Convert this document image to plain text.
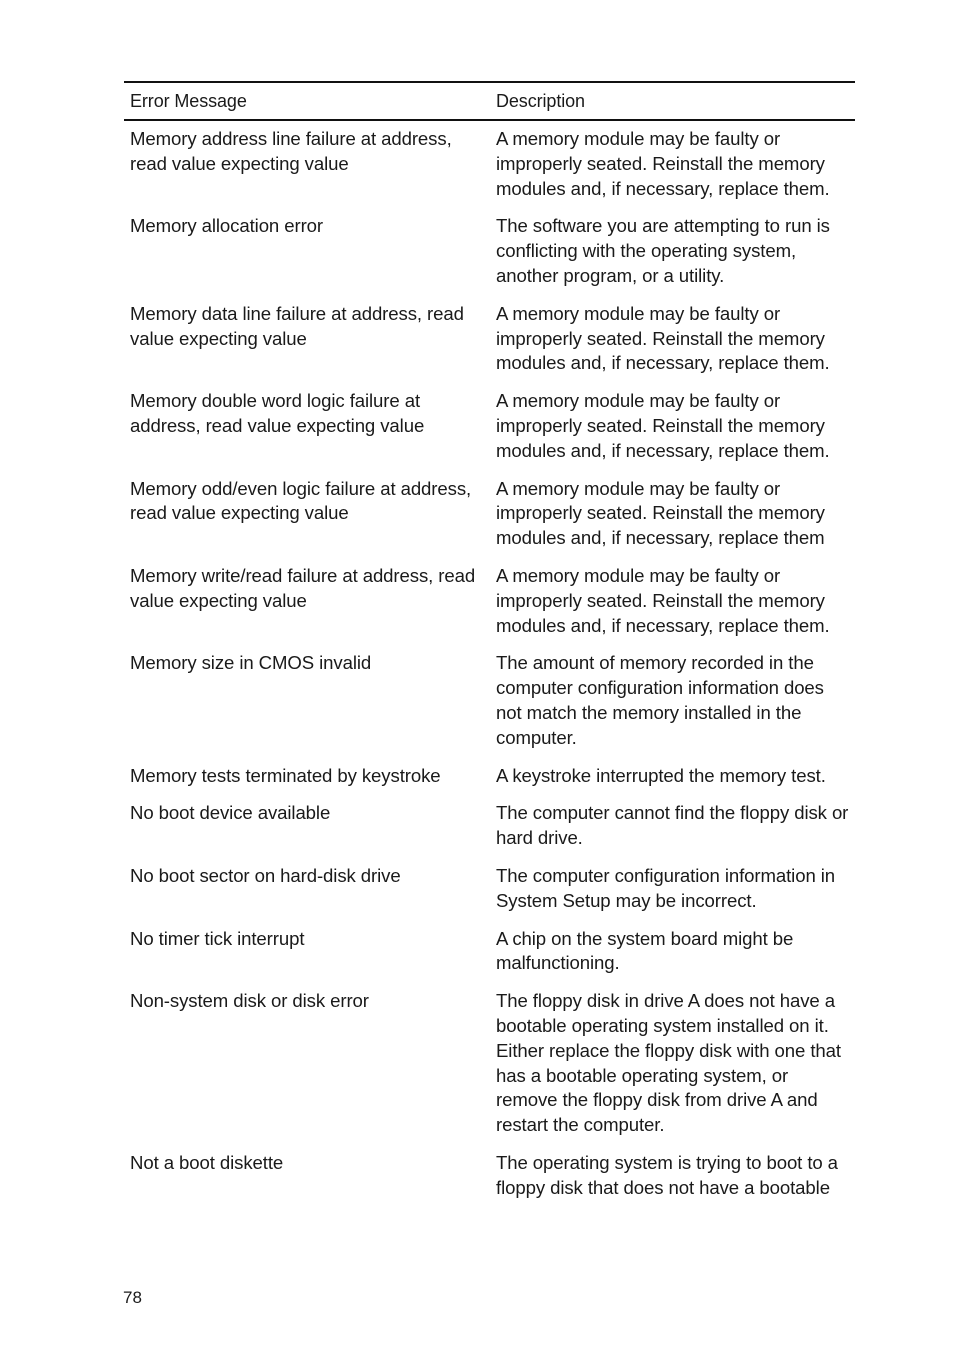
Error Message	Description
Memory address line failure at address, read value expecting value	A memory module may be faulty or improperly seated. Reinstall the memory modules and, if necessary, replace them.
Memory allocation error	The software you are attempting to run is conflicting with the operating system, another program, or a utility.
Memory data line failure at address, read value expecting value	A memory module may be faulty or improperly seated. Reinstall the memory modules and, if necessary, replace them.
Memory double word logic failure at address, read value expecting value	A memory module may be faulty or improperly seated. Reinstall the memory modules and, if necessary, replace them.
Memory odd/even logic failure at address, read value expecting value	A memory module may be faulty or improperly seated. Reinstall the memory modules and, if necessary, replace them
Memory write/read failure at address, read value expecting value	A memory module may be faulty or improperly seated. Reinstall the memory modules and, if necessary, replace them.
Memory size in CMOS invalid	The amount of memory recorded in the computer configuration information does not match the memory installed in the computer.
Memory tests terminated by keystroke	A keystroke interrupted the memory test.
No boot device available	The computer cannot find the floppy disk or hard drive.
No boot sector on hard-disk drive	The computer configuration information in System Setup may be incorrect.
No timer tick interrupt	A chip on the system board might be malfunctioning.
Non-system disk or disk error	The floppy disk in drive A does not have a bootable operating system installed on it. Either replace the floppy disk with one that has a bootable operating system, or remove the floppy disk from drive A and restart the computer.
Not a boot diskette	The operating system is trying to boot to a floppy disk that does not have a bootable
78
